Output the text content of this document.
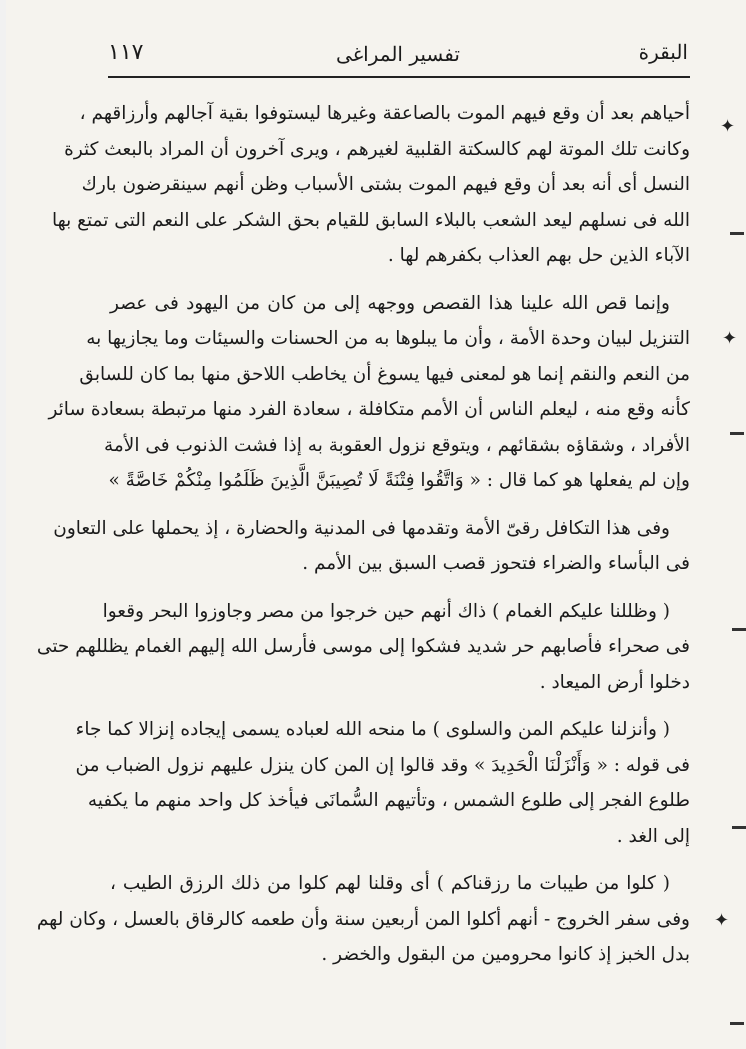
البقرة
تفسير المراغى
١١٧
أحياهم بعد أن وقع فيهم الموت بالصاعقة وغيرها ليستوفوا بقية آجالهم وأرزاقهم ،
وكانت تلك الموتة لهم كالسكتة القلبية لغيرهم ، ويرى آخرون أن المراد بالبعث كثرة
النسل أى أنه بعد أن وقع فيهم الموت بشتى الأسباب وظن أنهم سينقرضون بارك
الله فى نسلهم ليعد الشعب بالبلاء السابق للقيام بحق الشكر على النعم التى تمتع بها
الآباء الذين حل بهم العذاب بكفرهم لها .
وإنما قص الله علينا هذا القصص ووجهه إلى من كان من اليهود فى عصر
التنزيل لبيان وحدة الأمة ، وأن ما يبلوها به من الحسنات والسيئات وما يجازيها به
من النعم والنقم إنما هو لمعنى فيها يسوغ أن يخاطب اللاحق منها بما كان للسابق
كأنه وقع منه ، ليعلم الناس أن الأمم متكافلة ، سعادة الفرد منها مرتبطة بسعادة سائر
الأفراد ، وشقاؤه بشقائهم ، ويتوقع نزول العقوبة به إذا فشت الذنوب فى الأمة
وإن لم يفعلها هو كما قال : « وَاتَّقُوا فِتْنَةً لَا تُصِيبَنَّ الَّذِينَ ظَلَمُوا مِنْكُمْ خَاصَّةً »
وفى هذا التكافل رقىّ الأمة وتقدمها فى المدنية والحضارة ، إذ يحملها على التعاون
فى البأساء والضراء فتحوز قصب السبق بين الأمم .
( وظللنا عليكم الغمام ) ذاك أنهم حين خرجوا من مصر وجاوزوا البحر وقعوا
فى صحراء فأصابهم حر شديد فشكوا إلى موسى فأرسل الله إليهم الغمام يظللهم حتى
دخلوا أرض الميعاد .
( وأنزلنا عليكم المن والسلوى ) ما منحه الله لعباده يسمى إيجاده إنزالا كما جاء
فى قوله : « وَأَنْزَلْنَا الْحَدِيدَ » وقد قالوا إن المن كان ينزل عليهم نزول الضباب من
طلوع الفجر إلى طلوع الشمس ، وتأتيهم السُّمانَى فيأخذ كل واحد منهم ما يكفيه
إلى الغد .
( كلوا من طيبات ما رزقناكم ) أى وقلنا لهم كلوا من ذلك الرزق الطيب ،
وفى سفر الخروج - أنهم أكلوا المن أربعين سنة وأن طعمه كالرقاق بالعسل ، وكان لهم
بدل الخبز إذ كانوا محرومين من البقول والخضر .
✦
✦
✦
